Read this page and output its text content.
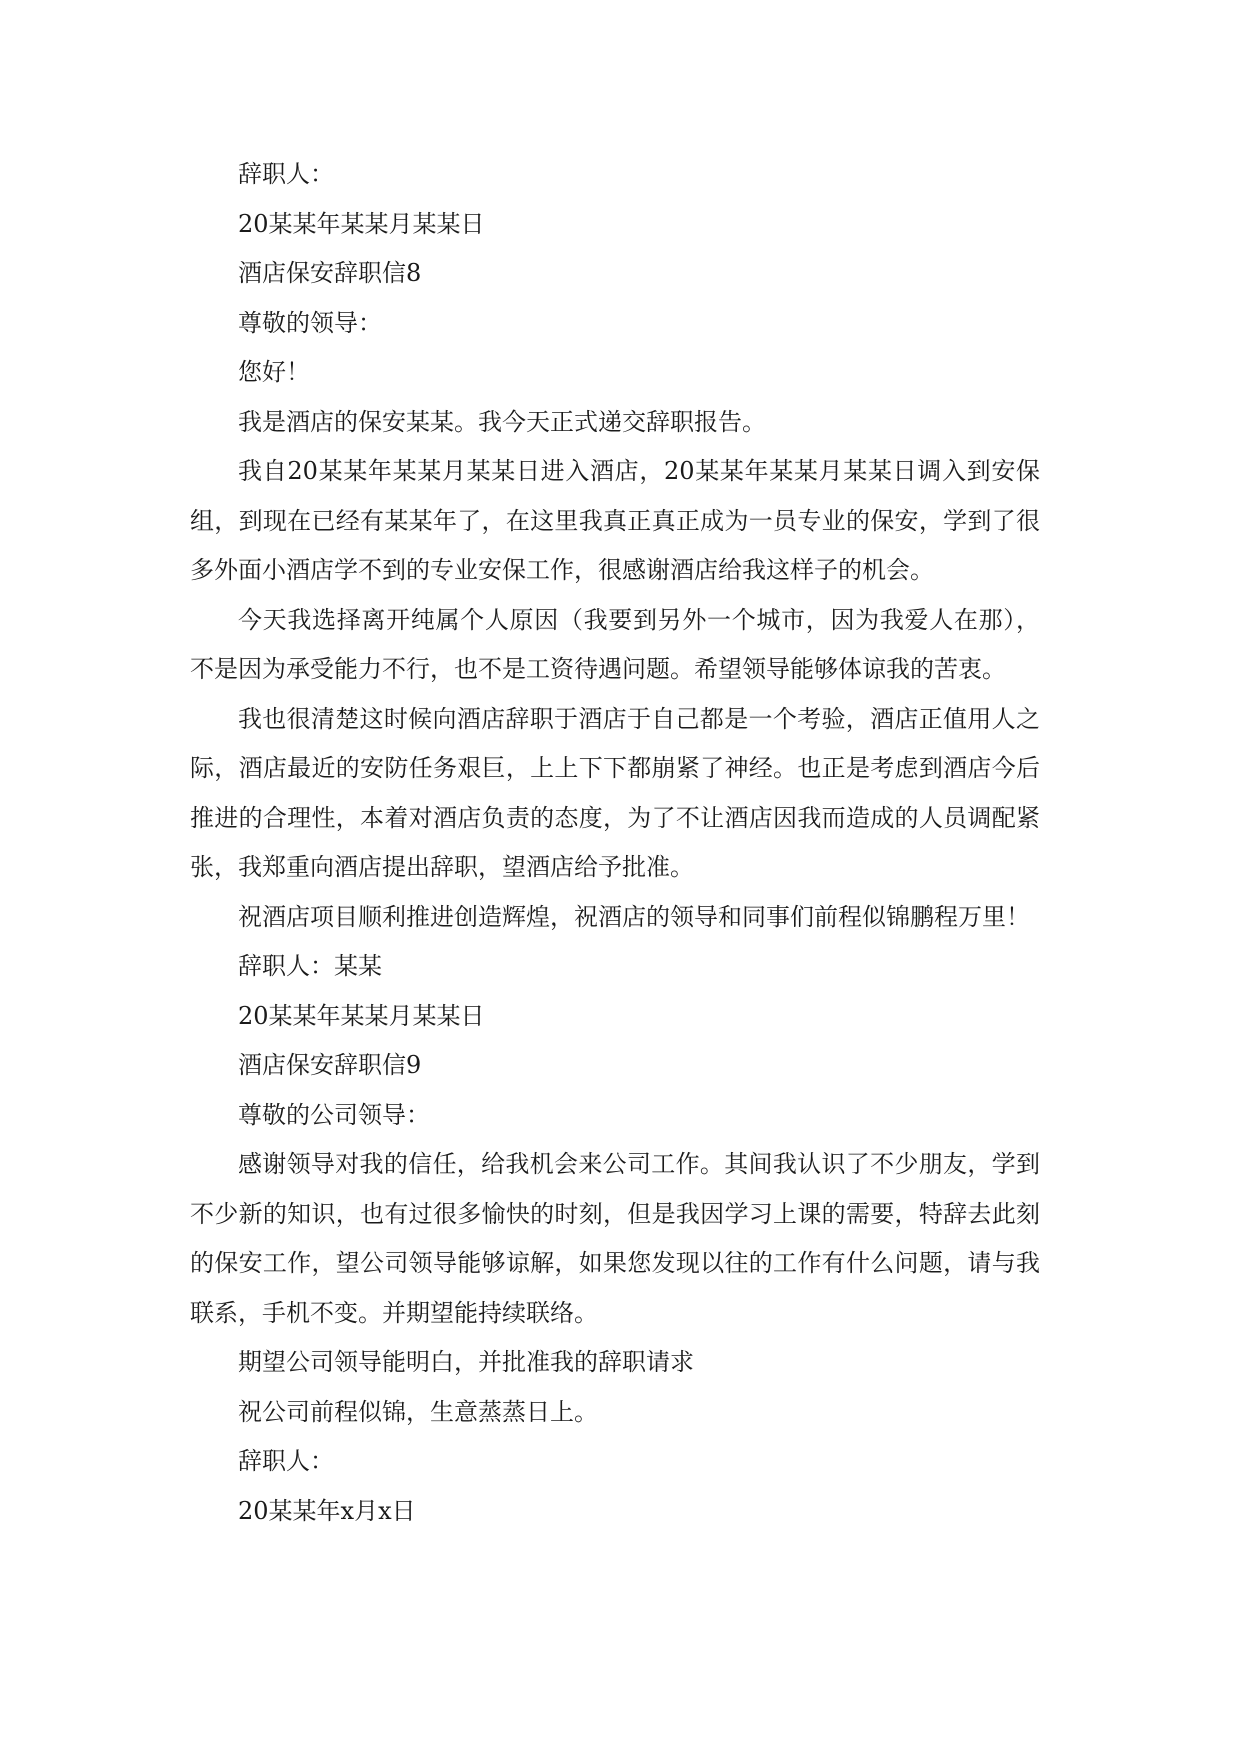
辞职人：

20某某年某某月某某日

酒店保安辞职信8

尊敬的领导：

您好！

我是酒店的保安某某。我今天正式递交辞职报告。

我自20某某年某某月某某日进入酒店，20某某年某某月某某日调入到安保组，到现在已经有某某年了，在这里我真正真正成为一员专业的保安，学到了很多外面小酒店学不到的专业安保工作，很感谢酒店给我这样子的机会。

今天我选择离开纯属个人原因（我要到另外一个城市，因为我爱人在那），不是因为承受能力不行，也不是工资待遇问题。希望领导能够体谅我的苦衷。

我也很清楚这时候向酒店辞职于酒店于自己都是一个考验，酒店正值用人之际，酒店最近的安防任务艰巨，上上下下都崩紧了神经。也正是考虑到酒店今后推进的合理性，本着对酒店负责的态度，为了不让酒店因我而造成的人员调配紧张，我郑重向酒店提出辞职，望酒店给予批准。

祝酒店项目顺利推进创造辉煌，祝酒店的领导和同事们前程似锦鹏程万里！

辞职人：某某

20某某年某某月某某日

酒店保安辞职信9

尊敬的公司领导：

感谢领导对我的信任，给我机会来公司工作。其间我认识了不少朋友，学到不少新的知识，也有过很多愉快的时刻，但是我因学习上课的需要，特辞去此刻的保安工作，望公司领导能够谅解，如果您发现以往的工作有什么问题，请与我联系，手机不变。并期望能持续联络。

期望公司领导能明白，并批准我的辞职请求

祝公司前程似锦，生意蒸蒸日上。

辞职人：

20某某年x月x日
